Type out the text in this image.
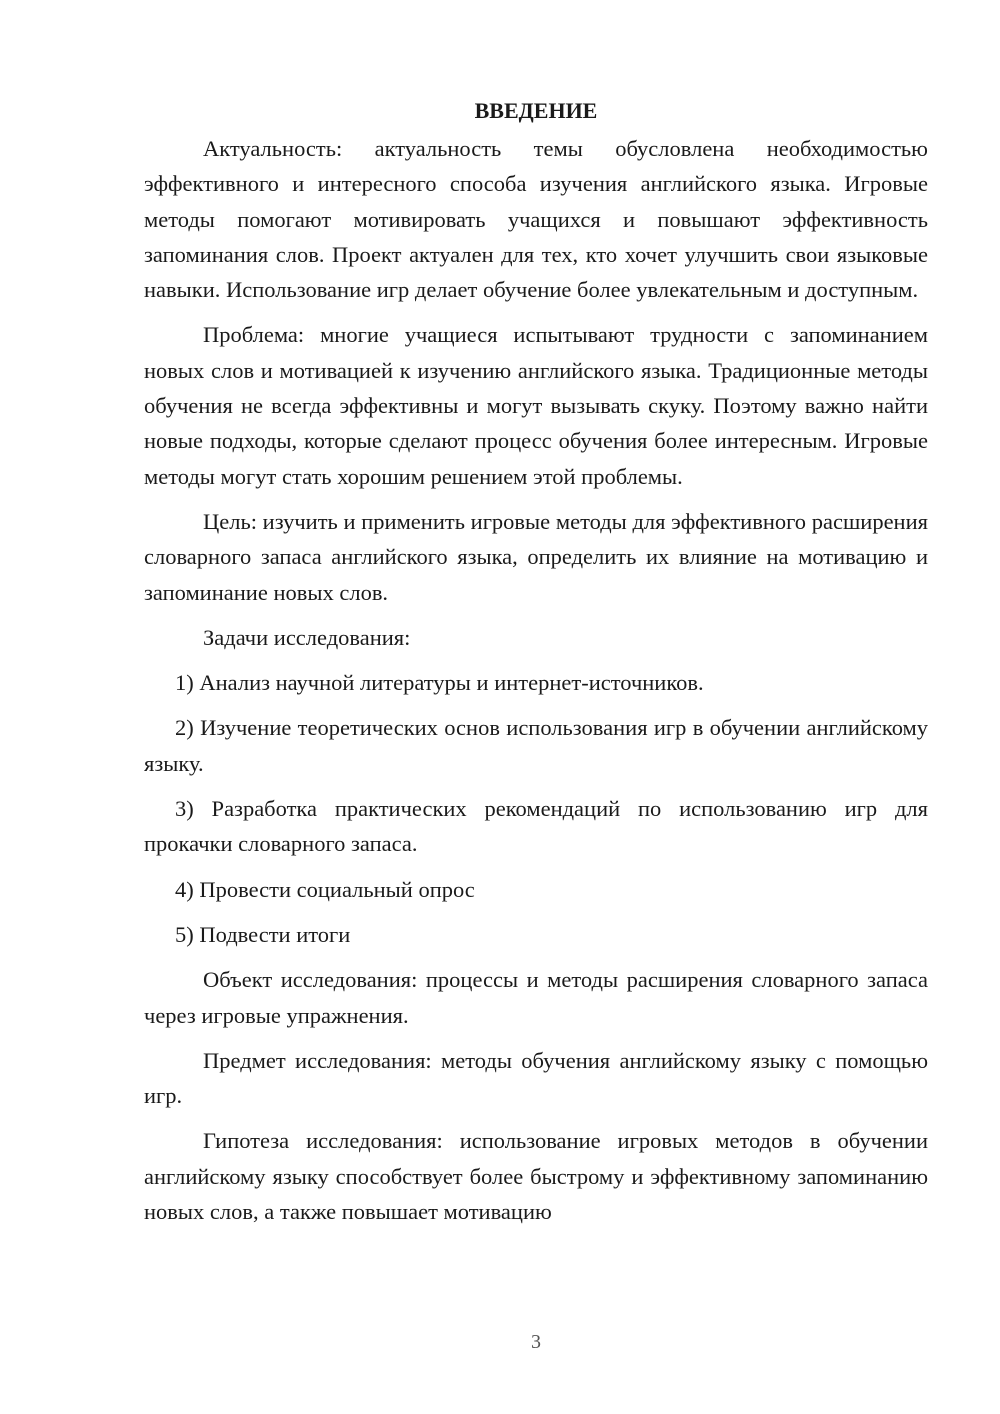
ВВЕДЕНИЕ

Актуальность: актуальность темы обусловлена необходимостью эффективного и интересного способа изучения английского языка. Игровые методы помогают мотивировать учащихся и повышают эффективность запоминания слов. Проект актуален для тех, кто хочет улучшить свои языковые навыки. Использование игр делает обучение более увлекательным и доступным.

Проблема: многие учащиеся испытывают трудности с запоминанием новых слов и мотивацией к изучению английского языка. Традиционные методы обучения не всегда эффективны и могут вызывать скуку. Поэтому важно найти новые подходы, которые сделают процесс обучения более интересным. Игровые методы могут стать хорошим решением этой проблемы.

Цель: изучить и применить игровые методы для эффективного расширения словарного запаса английского языка, определить их влияние на мотивацию и запоминание новых слов.

Задачи исследования:

1) Анализ научной литературы и интернет-источников.

2) Изучение теоретических основ использования игр в обучении английскому языку.

3) Разработка практических рекомендаций по использованию игр для прокачки словарного запаса.

4) Провести социальный опрос

5) Подвести итоги

Объект исследования: процессы и методы расширения словарного запаса через игровые упражнения.

Предмет исследования: методы обучения английскому языку с помощью игр.

Гипотеза исследования: использование игровых методов в обучении английскому языку способствует более быстрому и эффективному запоминанию новых слов, а также повышает мотивацию

3
